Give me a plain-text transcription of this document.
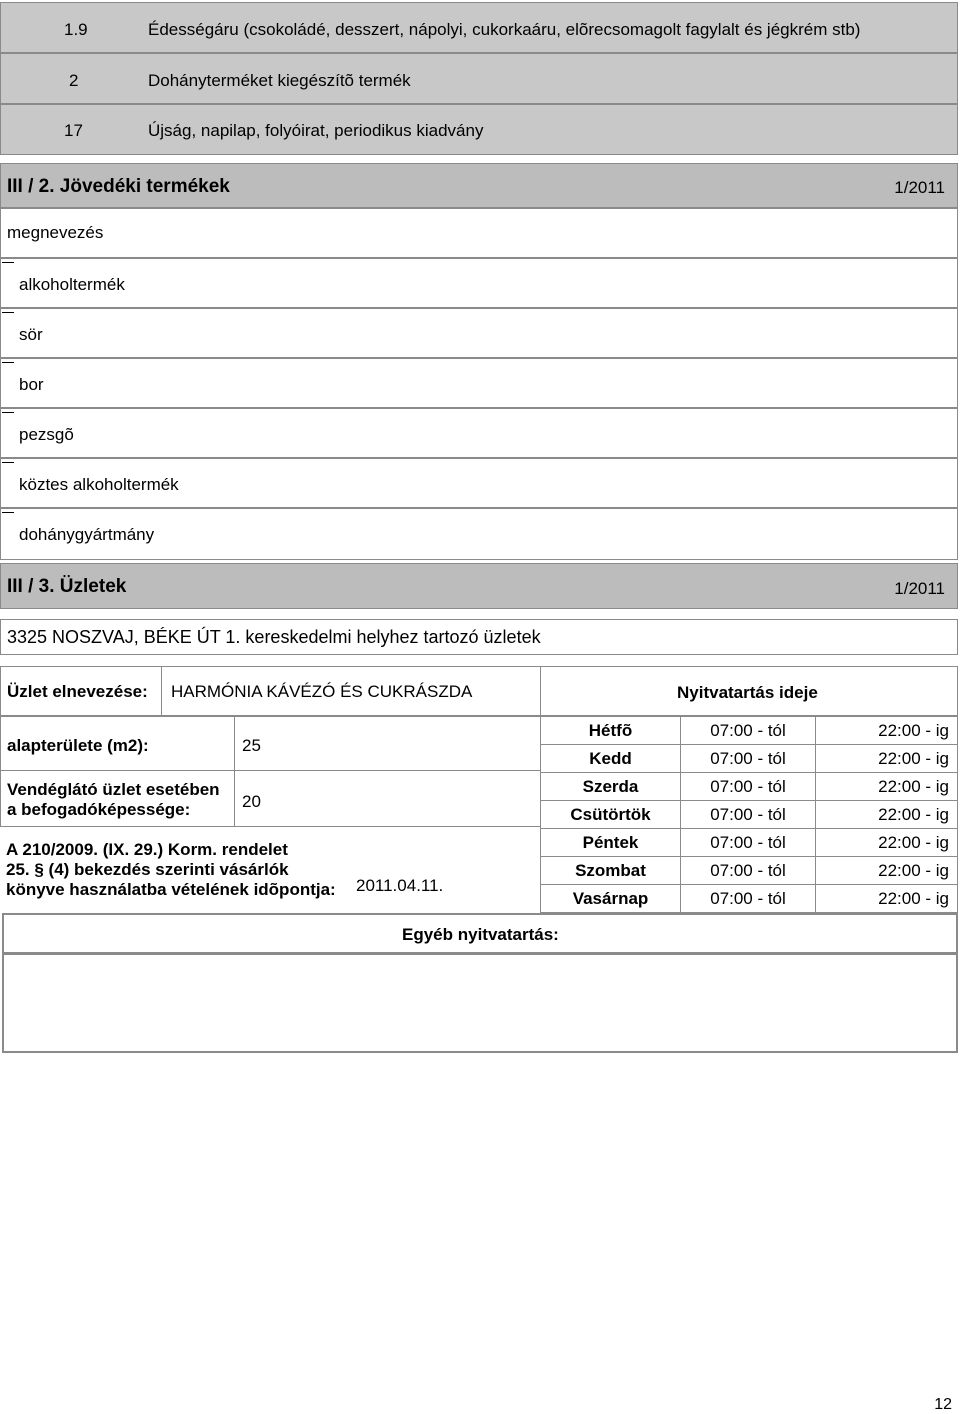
1.9	Édességáru (csokoládé, desszert, nápolyi, cukorkaáru, elõrecsomagolt fagylalt és jégkrém stb)
2	Dohányterméket kiegészítõ termék
17	Újság, napilap, folyóirat, periodikus kiadvány
III / 2. Jövedéki termékek	1/2011
megnevezés
alkoholtermék
sör
bor
pezsgõ
köztes alkoholtermék
dohánygyártmány
III / 3. Üzletek	1/2011
3325 NOSZVAJ, BÉKE ÚT 1. kereskedelmi helyhez tartozó üzletek
Üzlet elnevezése: HARMÓNIA KÁVÉZÓ ÉS CUKRÁSZDA	Nyitvatartás ideje
alapterülete (m2):	25
Vendéglátó üzlet esetében
a befogadóképessége:	20
A 210/2009. (IX. 29.) Korm. rendelet
25. § (4) bekezdés szerinti vásárlók
könyve használatba vételének idõpontja: 2011.04.11.
Hétfõ	07:00 - tól	22:00 - ig
Kedd	07:00 - tól	22:00 - ig
Szerda	07:00 - tól	22:00 - ig
Csütörtök	07:00 - tól	22:00 - ig
Péntek	07:00 - tól	22:00 - ig
Szombat	07:00 - tól	22:00 - ig
Vasárnap	07:00 - tól	22:00 - ig
Egyéb nyitvatartás:
12
